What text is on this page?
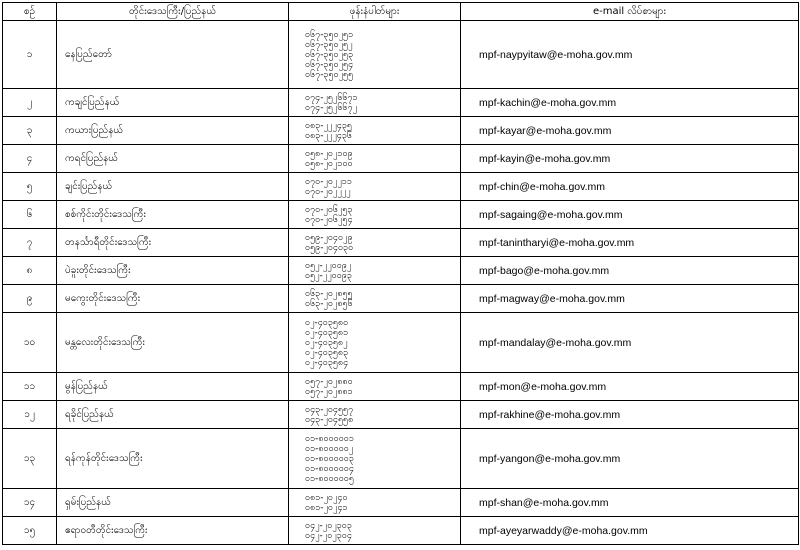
စဉ်	တိုင်းဒေသကြီး/ပြည်နယ်	ဖုန်းနံပါတ်များ	e-mail လိပ်စာများ
၁	နေပြည်တော်	၀၆၇-၃၅၀၂၅၁
၀၆၇-၃၅၀၂၅၂
၀၆၇-၃၅၀၂၅၃
၀၆၇-၃၅၀၂၅၄
၀၆၇-၃၅၀၂၅၅	mpf-naypyitaw@e-moha.gov.mm
၂	ကချင်ပြည်နယ်	၀၇၄-၂၅၂၆၆၇၁
၀၇၄-၂၅၂၆၆၇၂	mpf-kachin@e-moha.gov.mm
၃	ကယားပြည်နယ်	၀၈၃-၂၂၂၄၃၅
၀၈၃-၂၂၂၄၃၆	mpf-kayar@e-moha.gov.mm
၄	ကရင်ပြည်နယ်	၀၅၈-၂၀၂၁၀၉
၀၅၈-၂၀၂၁၀၀	mpf-kayin@e-moha.gov.mm
၅	ချင်းပြည်နယ်	၀၇၀-၂၀၂၂၁၁
၀၇၀-၂၀၂၂၂၂	mpf-chin@e-moha.gov.mm
၆	စစ်ကိုင်းတိုင်းဒေသကြီး	၀၇၀-၂၀၆၂၅၃
၀၇၀-၂၀၆၂၅၄	mpf-sagaing@e-moha.gov.mm
၇	တနင်္သာရီတိုင်းဒေသကြီး	၀၅၉-၂၀၄၀၂၉
၀၅၉-၂၀၄၀၃၀	mpf-tanintharyi@e-moha.gov.mm
၈	ပဲခူးတိုင်းဒေသကြီး	၀၅၂-၂၂၀၀၉၂
၀၅၂-၂၂၀၀၉၃	mpf-bago@e-moha.gov.mm
၉	မကွေးတိုင်းဒေသကြီး	၀၆၃-၂၀၂၈၅၅
၀၆၃-၂၀၂၈၅၆	mpf-magway@e-moha.gov.mm
၁၀	မန္တလေးတိုင်းဒေသကြီး	၀၂-၄၀၃၅၈၀
၀၂-၄၀၃၅၈၁
၀၂-၄၀၃၅၈၂
၀၂-၄၀၃၅၈၃
၀၂-၄၀၃၅၈၄	mpf-mandalay@e-moha.gov.mm
၁၁	မွန်ပြည်နယ်	၀၅၇-၂၀၂၈၈၀
၀၅၇-၂၀၂၈၈၁	mpf-mon@e-moha.gov.mm
၁၂	ရခိုင်ပြည်နယ်	၀၄၃-၂၀၄၅၅၇
၀၄၃-၂၀၄၅၅၈	mpf-rakhine@e-moha.gov.mm
၁၃	ရန်ကုန်တိုင်းဒေသကြီး	၀၁-၈၀၀၀၀၀၁
၀၁-၈၀၀၀၀၀၂
၀၁-၈၀၀၀၀၀၃
၀၁-၈၀၀၀၀၀၄
၀၁-၈၀၀၀၀၀၅	mpf-yangon@e-moha.gov.mm
၁၄	ရှမ်းပြည်နယ်	၀၈၁-၂၀၂၄၀
၀၈၁-၂၀၂၄၁	mpf-shan@e-moha.gov.mm
၁၅	ဧရာဝတီတိုင်းဒေသကြီး	၀၄၂-၂၀၂၃၀၃
၀၄၂-၂၀၂၃၀၄	mpf-ayeyarwaddy@e-moha.gov.mm
